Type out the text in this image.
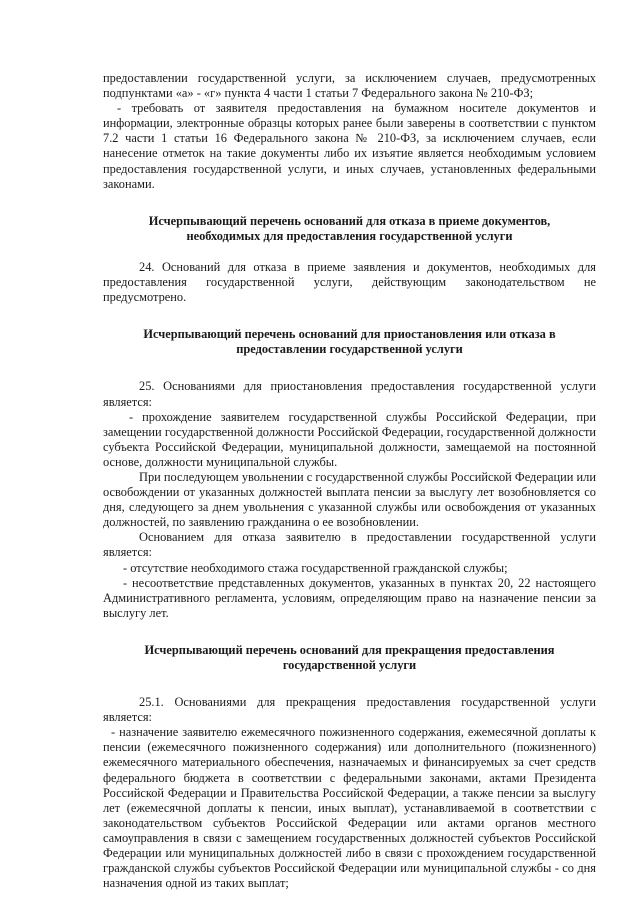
предоставлении государственной услуги, за исключением случаев, предусмотренных подпунктами «а» - «г» пункта 4 части 1 статьи 7 Федерального закона № 210-ФЗ;

- требовать от заявителя предоставления на бумажном носителе документов и информации, электронные образцы которых ранее были заверены в соответствии с пунктом 7.2 части 1 статьи 16 Федерального закона № 210-ФЗ, за исключением случаев, если нанесение отметок на такие документы либо их изъятие является необходимым условием предоставления государственной услуги, и иных случаев, установленных федеральными законами.

Исчерпывающий перечень оснований для отказа в приеме документов, необходимых для предоставления государственной услуги

24. Оснований для отказа в приеме заявления и документов, необходимых для предоставления государственной услуги, действующим законодательством не предусмотрено.

Исчерпывающий перечень оснований для приостановления или отказа в предоставлении государственной услуги

25. Основаниями для приостановления предоставления государственной услуги является:

- прохождение заявителем государственной службы Российской Федерации, при замещении государственной должности Российской Федерации, государственной должности субъекта Российской Федерации, муниципальной должности, замещаемой на постоянной основе, должности муниципальной службы.

При последующем увольнении с государственной службы Российской Федерации или освобождении от указанных должностей выплата пенсии за выслугу лет возобновляется со дня, следующего за днем увольнения с указанной службы или освобождения от указанных должностей, по заявлению гражданина о ее возобновлении.

Основанием для отказа заявителю в предоставлении государственной услуги является:

- отсутствие необходимого стажа государственной гражданской службы;

- несоответствие представленных документов, указанных в пунктах 20, 22 настоящего Административного регламента, условиям, определяющим право на назначение пенсии за выслугу лет.

Исчерпывающий перечень оснований для прекращения предоставления государственной услуги

25.1. Основаниями для прекращения предоставления государственной услуги является:

- назначение заявителю ежемесячного пожизненного содержания, ежемесячной доплаты к пенсии (ежемесячного пожизненного содержания) или дополнительного (пожизненного) ежемесячного материального обеспечения, назначаемых и финансируемых за счет средств федерального бюджета в соответствии с федеральными законами, актами Президента Российской Федерации и Правительства Российской Федерации, а также пенсии за выслугу лет (ежемесячной доплаты к пенсии, иных выплат), устанавливаемой в соответствии с законодательством субъектов Российской Федерации или актами органов местного самоуправления в связи с замещением государственных должностей субъектов Российской Федерации или муниципальных должностей либо в связи с прохождением государственной гражданской службы субъектов Российской Федерации или муниципальной службы - со дня назначения одной из таких выплат;
